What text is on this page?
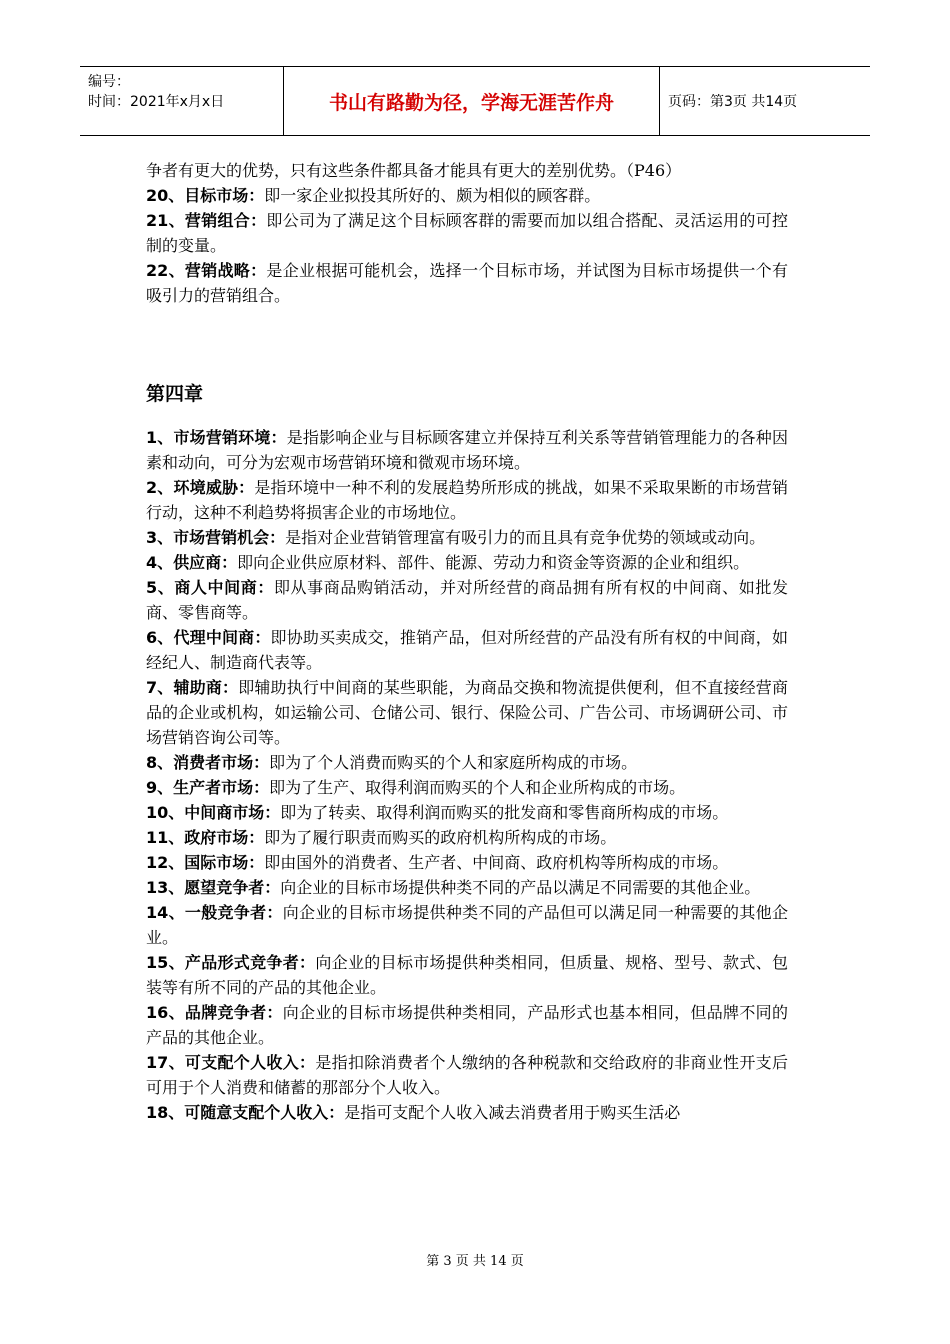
编号：
时间：2021年x月x日	书山有路勤为径，学海无涯苦作舟	页码：第3页 共14页

争者有更大的优势，只有这些条件都具备才能具有更大的差别优势。（P46）

20、目标市场：即一家企业拟投其所好的、颇为相似的顾客群。

21、营销组合：即公司为了满足这个目标顾客群的需要而加以组合搭配、灵活运用的可控制的变量。

22、营销战略：是企业根据可能机会，选择一个目标市场，并试图为目标市场提供一个有吸引力的营销组合。

第四章

1、市场营销环境：是指影响企业与目标顾客建立并保持互利关系等营销管理能力的各种因素和动向，可分为宏观市场营销环境和微观市场环境。

2、环境威胁：是指环境中一种不利的发展趋势所形成的挑战，如果不采取果断的市场营销行动，这种不利趋势将损害企业的市场地位。

3、市场营销机会：是指对企业营销管理富有吸引力的而且具有竞争优势的领域或动向。

4、供应商：即向企业供应原材料、部件、能源、劳动力和资金等资源的企业和组织。

5、商人中间商：即从事商品购销活动，并对所经营的商品拥有所有权的中间商、如批发商、零售商等。

6、代理中间商：即协助买卖成交，推销产品，但对所经营的产品没有所有权的中间商，如经纪人、制造商代表等。

7、辅助商：即辅助执行中间商的某些职能，为商品交换和物流提供便利，但不直接经营商品的企业或机构，如运输公司、仓储公司、银行、保险公司、广告公司、市场调研公司、市场营销咨询公司等。

8、消费者市场：即为了个人消费而购买的个人和家庭所构成的市场。

9、生产者市场：即为了生产、取得利润而购买的个人和企业所构成的市场。

10、中间商市场：即为了转卖、取得利润而购买的批发商和零售商所构成的市场。

11、政府市场：即为了履行职责而购买的政府机构所构成的市场。

12、国际市场：即由国外的消费者、生产者、中间商、政府机构等所构成的市场。

13、愿望竞争者：向企业的目标市场提供种类不同的产品以满足不同需要的其他企业。

14、一般竞争者：向企业的目标市场提供种类不同的产品但可以满足同一种需要的其他企业。

15、产品形式竞争者：向企业的目标市场提供种类相同，但质量、规格、型号、款式、包装等有所不同的产品的其他企业。

16、品牌竞争者：向企业的目标市场提供种类相同，产品形式也基本相同，但品牌不同的产品的其他企业。

17、可支配个人收入：是指扣除消费者个人缴纳的各种税款和交给政府的非商业性开支后可用于个人消费和储蓄的那部分个人收入。

18、可随意支配个人收入：是指可支配个人收入减去消费者用于购买生活必

第 3 页 共 14 页
